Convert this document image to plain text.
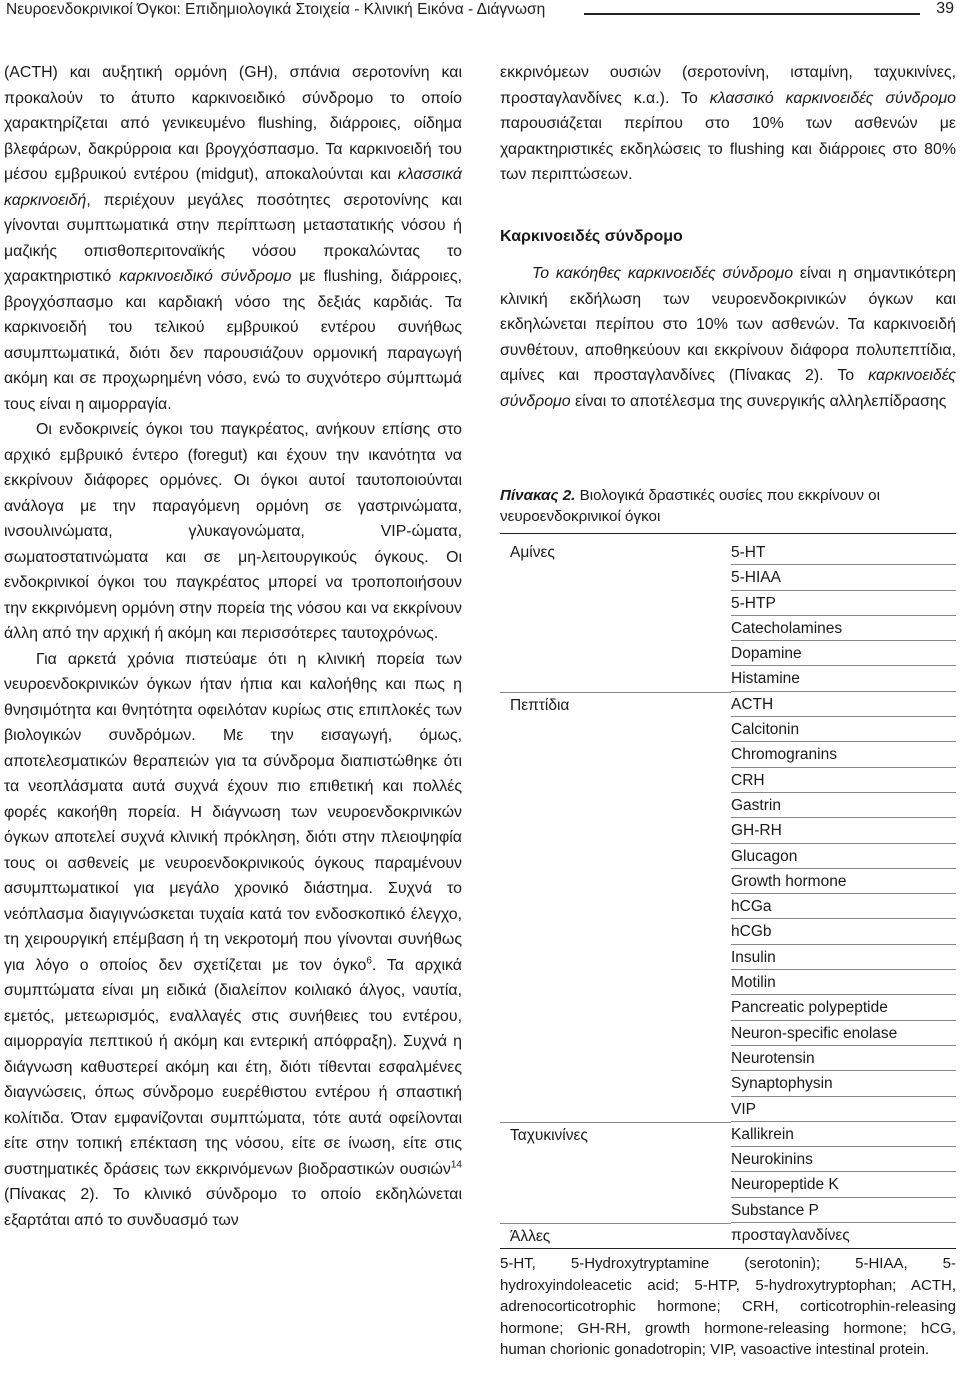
Νευροενδοκρινικοί Όγκοι: Επιδημιολογικά Στοιχεία - Κλινική Εικόνα - Διάγνωση	39

(ACTH) και αυξητική ορμόνη (GH), σπάνια σεροτονίνη και προκαλούν το άτυπο καρκινοειδικό σύνδρομο το οποίο χαρακτηρίζεται από γενικευμένο flushing, διάρροιες, οίδημα βλεφάρων, δακρύρροια και βρογχόσπασμο. Τα καρκινοειδή του μέσου εμβρυικού εντέρου (midgut), αποκαλούνται και κλασσικά καρκινοειδή, περιέχουν μεγάλες ποσότητες σεροτονίνης και γίνονται συμπτωματικά στην περίπτωση μεταστατικής νόσου ή μαζικής οπισθοπεριτοναϊκής νόσου προκαλώντας το χαρακτηριστικό καρκινοειδικό σύνδρομο με flushing, διάρροιες, βρογχόσπασμο και καρδιακή νόσο της δεξιάς καρδιάς. Τα καρκινοειδή του τελικού εμβρυικού εντέρου συνήθως ασυμπτωματικά, διότι δεν παρουσιάζουν ορμονική παραγωγή ακόμη και σε προχωρημένη νόσο, ενώ το συχνότερο σύμπτωμά τους είναι η αιμορραγία.

Οι ενδοκρινείς όγκοι του παγκρέατος, ανήκουν επίσης στο αρχικό εμβρυικό έντερο (foregut) και έχουν την ικανότητα να εκκρίνουν διάφορες ορμόνες. Οι όγκοι αυτοί ταυτοποιούνται ανάλογα με την παραγόμενη ορμόνη σε γαστρινώματα, ινσουλινώματα, γλυκαγονώματα, VIP-ώματα, σωματοστατινώματα και σε μη-λειτουργικούς όγκους. Οι ενδοκρινικοί όγκοι του παγκρέατος μπορεί να τροποποιήσουν την εκκρινόμενη ορμόνη στην πορεία της νόσου και να εκκρίνουν άλλη από την αρχική ή ακόμη και περισσότερες ταυτοχρόνως.

Για αρκετά χρόνια πιστεύαμε ότι η κλινική πορεία των νευροενδοκρινικών όγκων ήταν ήπια και καλοήθης και πως η θνησιμότητα και θνητότητα οφειλόταν κυρίως στις επιπλοκές των βιολογικών συνδρόμων. Με την εισαγωγή, όμως, αποτελεσματικών θεραπειών για τα σύνδρομα διαπιστώθηκε ότι τα νεοπλάσματα αυτά συχνά έχουν πιο επιθετική και πολλές φορές κακοήθη πορεία. Η διάγνωση των νευροενδοκρινικών όγκων αποτελεί συχνά κλινική πρόκληση, διότι στην πλειοψηφία τους οι ασθενείς με νευροενδοκρινικούς όγκους παραμένουν ασυμπτωματικοί για μεγάλο χρονικό διάστημα. Συχνά το νεόπλασμα διαγιγνώσκεται τυχαία κατά τον ενδοσκοπικό έλεγχο, τη χειρουργική επέμβαση ή τη νεκροτομή που γίνονται συνήθως για λόγο ο οποίος δεν σχετίζεται με τον όγκο$^6$. Τα αρχικά συμπτώματα είναι μη ειδικά (διαλείπον κοιλιακό άλγος, ναυτία, εμετός, μετεωρισμός, εναλλαγές στις συνήθειες του εντέρου, αιμορραγία πεπτικού ή ακόμη και εντερική απόφραξη). Συχνά η διάγνωση καθυστερεί ακόμη και έτη, διότι τίθενται εσφαλμένες διαγνώσεις, όπως σύνδρομο ευερέθιστου εντέρου ή σπαστική κολίτιδα. Όταν εμφανίζονται συμπτώματα, τότε αυτά οφείλονται είτε στην τοπική επέκταση της νόσου, είτε σε ίνωση, είτε στις συστηματικές δράσεις των εκκρινόμενων βιοδραστικών ουσιών$^{14}$ (Πίνακας 2). Το κλινικό σύνδρομο το οποίο εκδηλώνεται εξαρτάται από το συνδυασμό των

εκκρινόμεων ουσιών (σεροτονίνη, ισταμίνη, ταχυκινίνες, προσταγλανδίνες κ.α.). Το κλασσικό καρκινοειδές σύνδρομο παρουσιάζεται περίπου στο 10% των ασθενών με χαρακτηριστικές εκδηλώσεις το flushing και διάρροιες στο 80% των περιπτώσεων.

Καρκινοειδές σύνδρομο

Το κακόηθες καρκινοειδές σύνδρομο είναι η σημαντικότερη κλινική εκδήλωση των νευροενδοκρινικών όγκων και εκδηλώνεται περίπου στο 10% των ασθενών. Τα καρκινοειδή συνθέτουν, αποθηκεύουν και εκκρίνουν διάφορα πολυπεπτίδια, αμίνες και προσταγλανδίνες (Πίνακας 2). Το καρκινοειδές σύνδρομο είναι το αποτέλεσμα της συνεργικής αλληλεπίδρασης

Πίνακας 2. Βιολογικά δραστικές ουσίες που εκκρίνουν οι νευροενδοκρινικοί όγκοι
Αμίνες	5-HT
5-HIAA
5-HTP
Catecholamines
Dopamine
Histamine
Πεπτίδια	ACTH
Calcitonin
Chromogranins
CRH
Gastrin
GH-RH
Glucagon
Growth hormone
hCGa
hCGb
Insulin
Motilin
Pancreatic polypeptide
Neuron-specific enolase
Neurotensin
Synaptophysin
VIP
Ταχυκινίνες	Kallikrein
Neurokinins
Neuropeptide K
Substance P
Άλλες	προσταγλανδίνες
5-HT, 5-Hydroxytryptamine (serotonin); 5-HIAA, 5-hydroxyindoleacetic acid; 5-HTP, 5-hydroxytryptophan; ACTH, adrenocorticotrophic hormone; CRH, corticotrophin-releasing hormone; GH-RH, growth hormone-releasing hormone; hCG, human chorionic gonadotropin; VIP, vasoactive intestinal protein.
